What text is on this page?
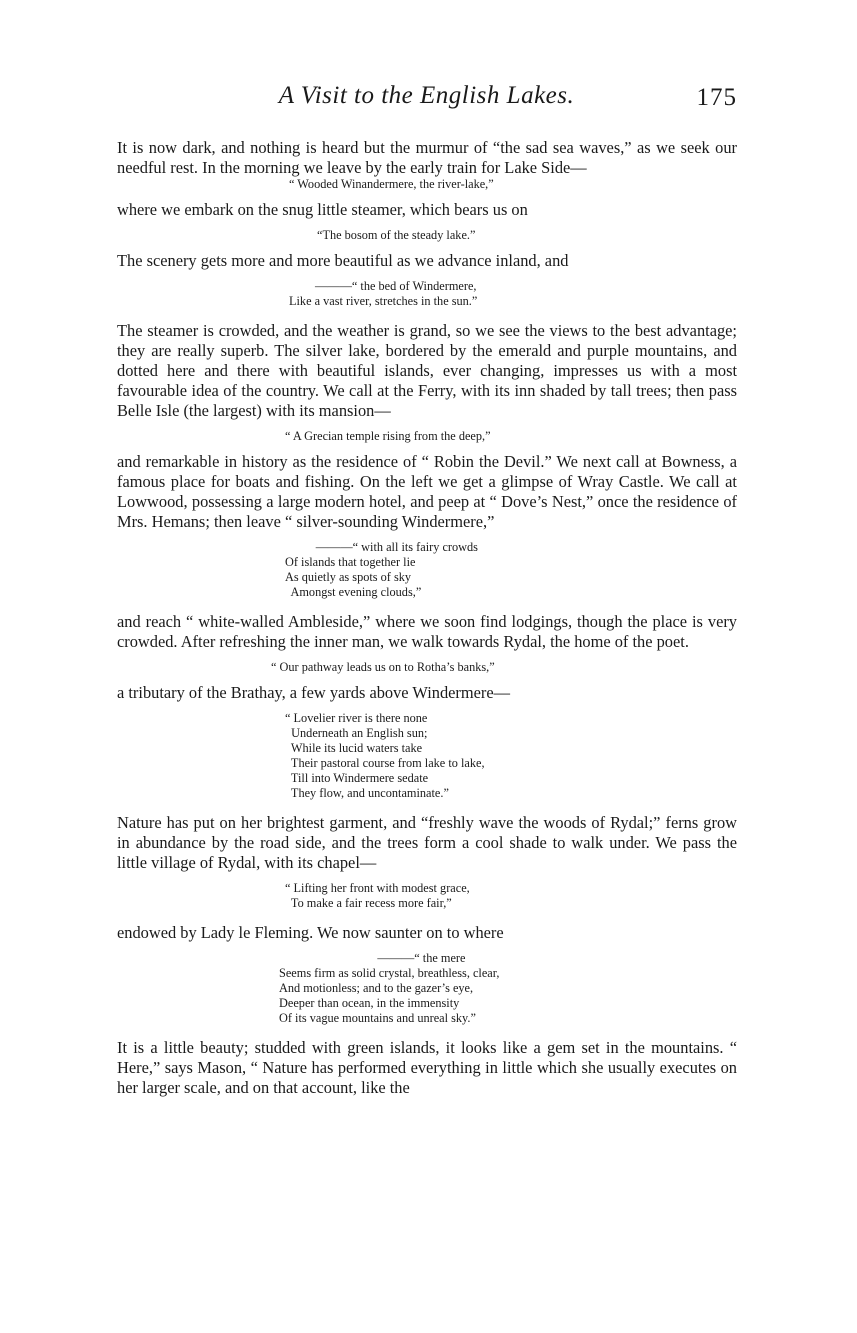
A Visit to the English Lakes.	175

It is now dark, and nothing is heard but the murmur of “the sad sea waves,” as we seek our needful rest. In the morning we leave by the early train for Lake Side—

“ Wooded Winandermere, the river-lake,”

where we embark on the snug little steamer, which bears us on

“The bosom of the steady lake.”

The scenery gets more and more beautiful as we advance inland, and

———“ the bed of Windermere,

Like a vast river, stretches in the sun.”

The steamer is crowded, and the weather is grand, so we see the views to the best advantage; they are really superb. The silver lake, bordered by the emerald and purple mountains, and dotted here and there with beautiful islands, ever changing, impresses us with a most favourable idea of the country. We call at the Ferry, with its inn shaded by tall trees; then pass Belle Isle (the largest) with its mansion—

“ A Grecian temple rising from the deep,”

and remarkable in history as the residence of “ Robin the Devil.” We next call at Bowness, a famous place for boats and fishing. On the left we get a glimpse of Wray Castle. We call at Lowwood, possessing a large modern hotel, and peep at “ Dove’s Nest,” once the residence of Mrs. Hemans; then leave “ silver-sounding Windermere,”

———“ with all its fairy crowds

Of islands that together lie

As quietly as spots of sky

Amongst evening clouds,”

and reach “ white-walled Ambleside,” where we soon find lodgings, though the place is very crowded. After refreshing the inner man, we walk towards Rydal, the home of the poet.

“ Our pathway leads us on to Rotha’s banks,”

a tributary of the Brathay, a few yards above Windermere—

“ Lovelier river is there none

Underneath an English sun;

While its lucid waters take

Their pastoral course from lake to lake,

Till into Windermere sedate

They flow, and uncontaminate.”

Nature has put on her brightest garment, and “freshly wave the woods of Rydal;” ferns grow in abundance by the road side, and the trees form a cool shade to walk under. We pass the little village of Rydal, with its chapel—

“ Lifting her front with modest grace,

To make a fair recess more fair,”

endowed by Lady le Fleming. We now saunter on to where

———“ the mere

Seems firm as solid crystal, breathless, clear,

And motionless; and to the gazer’s eye,

Deeper than ocean, in the immensity

Of its vague mountains and unreal sky.”

It is a little beauty; studded with green islands, it looks like a gem set in the mountains. “ Here,” says Mason, “ Nature has performed everything in little which she usually executes on her larger scale, and on that account, like the
